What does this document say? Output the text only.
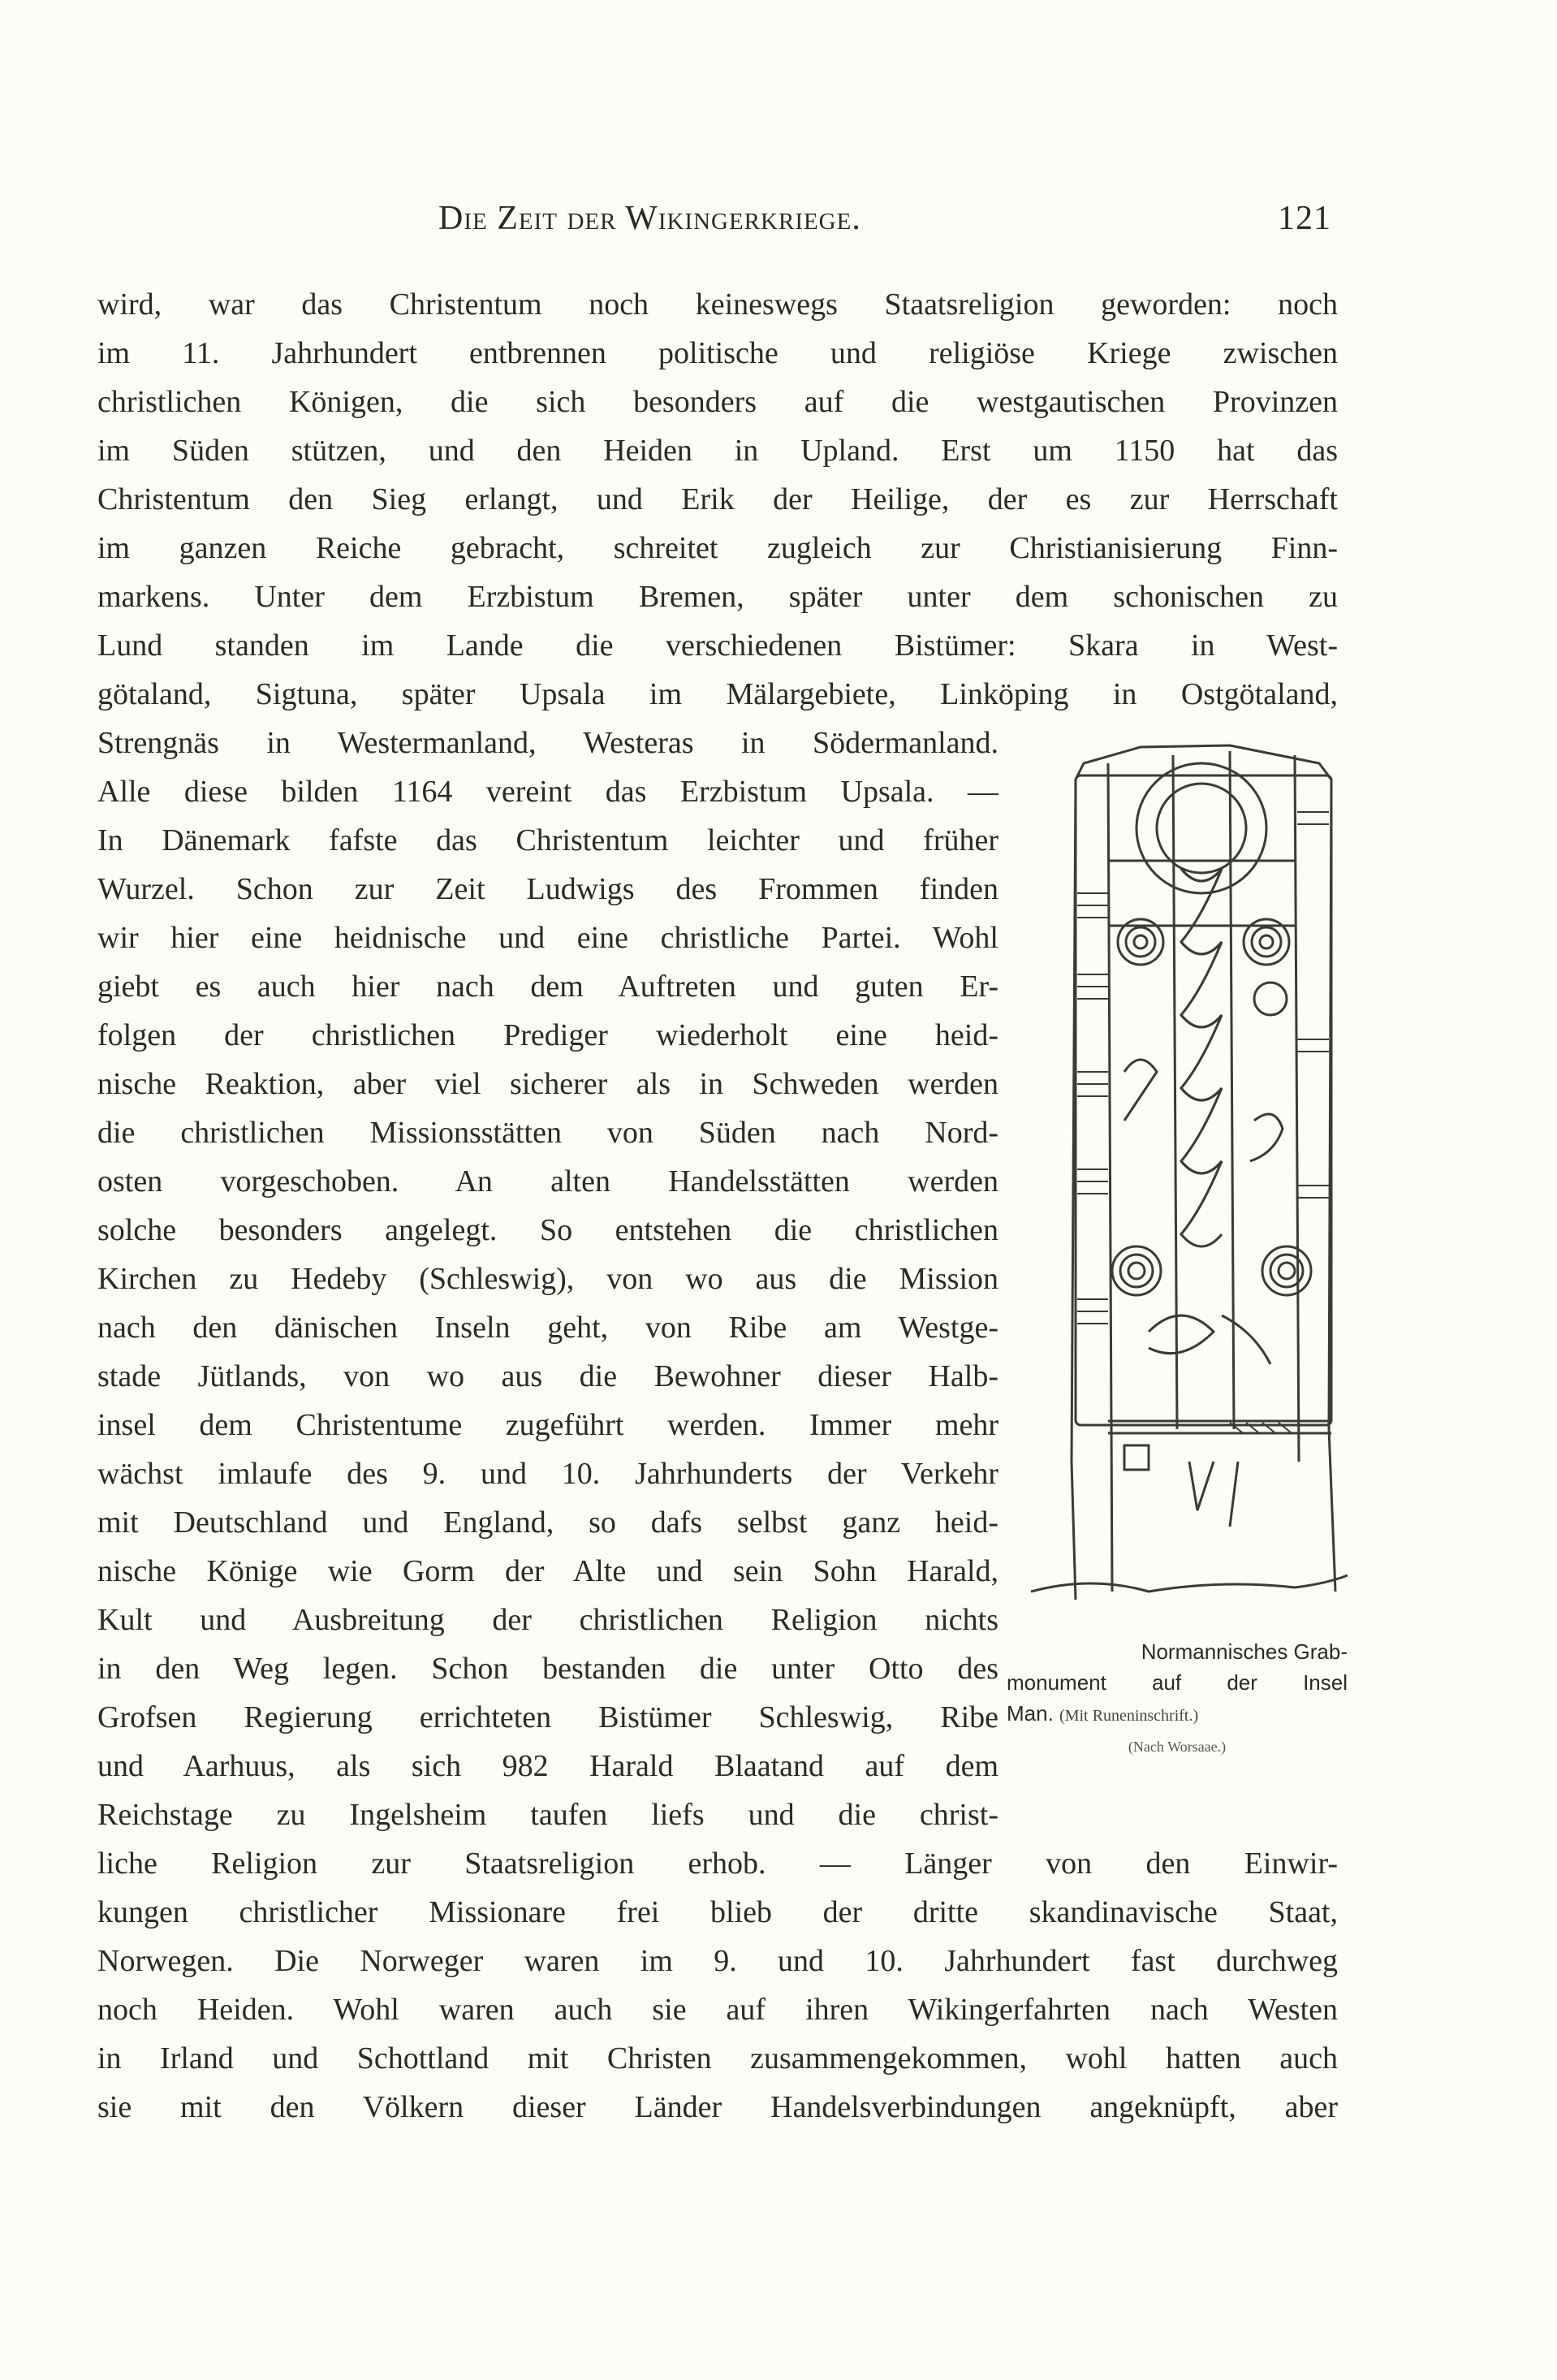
Die Zeit der Wikingerkriege.	121
wird, war das Christentum noch keineswegs Staatsreligion geworden: noch
im 11. Jahrhundert entbrennen politische und religiöse Kriege zwischen
christlichen Königen, die sich besonders auf die westgautischen Provinzen
im Süden stützen, und den Heiden in Upland. Erst um 1150 hat das
Christentum den Sieg erlangt, und Erik der Heilige, der es zur Herrschaft
im ganzen Reiche gebracht, schreitet zugleich zur Christianisierung Finn-
markens. Unter dem Erzbistum Bremen, später unter dem schonischen zu
Lund standen im Lande die verschiedenen Bistümer: Skara in West-
götaland, Sigtuna, später Upsala im Mälargebiete, Linköping in Ostgötaland,
Strengnäs in Westermanland, Westeras in Södermanland.
Alle diese bilden 1164 vereint das Erzbistum Upsala. —
In Dänemark fafste das Christentum leichter und früher
Wurzel. Schon zur Zeit Ludwigs des Frommen finden
wir hier eine heidnische und eine christliche Partei. Wohl
giebt es auch hier nach dem Auftreten und guten Er-
folgen der christlichen Prediger wiederholt eine heid-
nische Reaktion, aber viel sicherer als in Schweden werden
die christlichen Missionsstätten von Süden nach Nord-
osten vorgeschoben. An alten Handelsstätten werden
solche besonders angelegt. So entstehen die christlichen
Kirchen zu Hedeby (Schleswig), von wo aus die Mission
nach den dänischen Inseln geht, von Ribe am Westge-
stade Jütlands, von wo aus die Bewohner dieser Halb-
insel dem Christentume zugeführt werden. Immer mehr
wächst imlaufe des 9. und 10. Jahrhunderts der Verkehr
mit Deutschland und England, so dafs selbst ganz heid-
nische Könige wie Gorm der Alte und sein Sohn Harald,
Kult und Ausbreitung der christlichen Religion nichts
in den Weg legen. Schon bestanden die unter Otto des
Grofsen Regierung errichteten Bistümer Schleswig, Ribe
und Aarhuus, als sich 982 Harald Blaatand auf dem
Reichstage zu Ingelsheim taufen liefs und die christ-
liche Religion zur Staatsreligion erhob. — Länger von den Einwir-
kungen christlicher Missionare frei blieb der dritte skandinavische Staat,
Norwegen. Die Norweger waren im 9. und 10. Jahrhundert fast durchweg
noch Heiden. Wohl waren auch sie auf ihren Wikingerfahrten nach Westen
in Irland und Schottland mit Christen zusammengekommen, wohl hatten auch
sie mit den Völkern dieser Länder Handelsverbindungen angeknüpft, aber
Normannisches Grab-
monument auf der Insel
Man. (Mit Runeninschrift.)
(Nach Worsaae.)
